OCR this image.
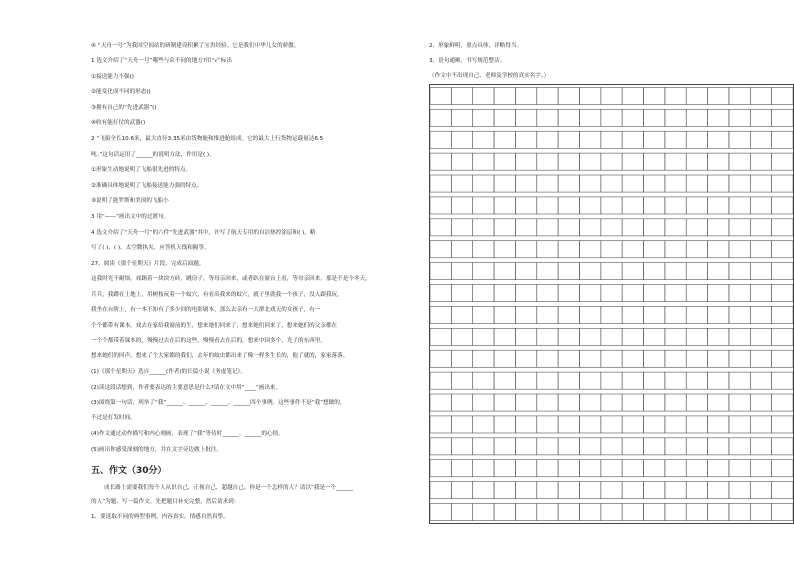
④ “天舟一号”为我国空间站的研制建设积累了宝贵经验。它是我们中华儿女的骄傲。
1 选文介绍了“天舟一号”哪些与众不同的地方?用“√”标出
①接送能力不强()
②能变化成不同的形态()
③拥有自己的“先进武器”()
④收有能打仗的武器()
2 “飞船全长10.6米，最大直径3.35米由货物舱和推进舱组成。它的最大上行货物运载量达6.5
吨。”这句话运用了______的说明方法，作用是( )。
①形象生动地说明了飞船很先进的特点。
②准确具体地说明了飞船接送能力强的特点。
③说明了能罗斯和美国的飞船小
3 用“——”画出文中的过渡句。
4 选文介绍了“天舟一号”的六件“先进武器”其中，许写了航天专用的自洁热控涂层和( )，略
写了( )、( )、太空微执夹、应答机天线和隔等。
27、阅读《那个星期天》片段，完成后面题。
这我时光不耐烦，戏踢着一块块方砖，跳房子，等母亲回来，或者趴在窗台上看，等母亲回来。那是不是个冬天，
兵兵，我蹲在土地上，用树枝玩着一个蚊穴，有看出我来的蚊穴，就子里就我一个孩子，没人跟我玩，
我坐在台阶上，有一本不知有了多少回的电影剧本，那么去亲有一大群北戏天的女孩子，有一
个个都带有课本，戏去在家给我窗前的生，想来她们回来了，想来她们回来了，想来她们的父亲都在
一个个都带着课本的，慢慢过去在后的这些，慢慢看去在后的，想来中国多个，光子的东西里。
想来她们的回声，想来了个大家都的我们，去年的蚊虫都出来了像一样多生长的，他了就的，家家落落。
(1)《那个星期天》选自______(作者)的长篇小说《务虚笔记》。
(2)读这段话想到，作者要表达的主要意思是什么?请在文中用“____”画出来。
(3)围绕第一句话，列举了“我”______、______、______、______四个事例。这些事件不是“我”想做的，
不过是打发时间。
(4)作文通过动作描写和内心刻画，表现了“我”等待时______、______的心情。
(5)画出你感受深刻的地方，并在文字旁边做上批注。
五、作文（30分）
成长路上需要我们每个人从识自己，正视自己，超越自己。你是一个怎样的人？请以“我是一个______
的人”为题，写一篇作文。先把题目补充完整，然后请求到：
1、要选取不同的典型事例，内容真实，情感自然真挚。
2、形象鲜明，重点具体，详略得当。
3、语句通顺，书写规范整洁。
（作文中不出现自己、老师及学校的真实名字。）
